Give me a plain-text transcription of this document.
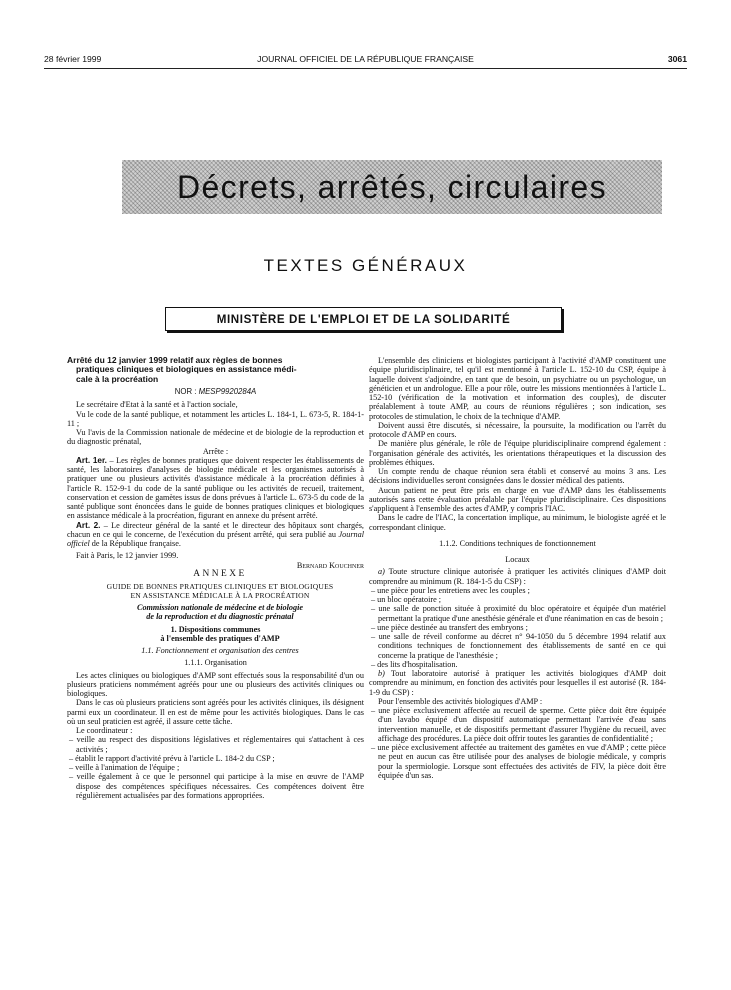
28 février 1999	JOURNAL OFFICIEL DE LA RÉPUBLIQUE FRANÇAISE	3061
Décrets, arrêtés, circulaires
TEXTES GÉNÉRAUX
MINISTÈRE DE L'EMPLOI ET DE LA SOLIDARITÉ
Arrêté du 12 janvier 1999 relatif aux règles de bonnes
pratiques cliniques et biologiques en assistance médi-
cale à la procréation
NOR : MESP9920284A

Le secrétaire d'Etat à la santé et à l'action sociale,

Vu le code de la santé publique, et notamment les articles L. 184-1, L. 673-5, R. 184-1-11 ;

Vu l'avis de la Commission nationale de médecine et de biologie de la reproduction et du diagnostic prénatal,

Arrête :

Art. 1er. – Les règles de bonnes pratiques que doivent respecter les établissements de santé, les laboratoires d'analyses de biologie médicale et les organismes autorisés à pratiquer une ou plusieurs activités d'assistance médicale à la procréation définies à l'article R. 152-9-1 du code de la santé publique ou les activités de recueil, traitement, conservation et cession de gamètes issus de dons prévues à l'article L. 673-5 du code de la santé publique sont énoncées dans le guide de bonnes pratiques cliniques et biologiques en assistance médicale à la procréation, figurant en annexe du présent arrêté.

Art. 2. – Le directeur général de la santé et le directeur des hôpitaux sont chargés, chacun en ce qui le concerne, de l'exécution du présent arrêté, qui sera publié au Journal officiel de la République française.

Fait à Paris, le 12 janvier 1999.

Bernard Kouchner

ANNEXE

GUIDE DE BONNES PRATIQUES CLINIQUES ET BIOLOGIQUES

EN ASSISTANCE MÉDICALE À LA PROCRÉATION

Commission nationale de médecine et de biologie

de la reproduction et du diagnostic prénatal

1. Dispositions communes

à l'ensemble des pratiques d'AMP

1.1. Fonctionnement et organisation des centres

1.1.1. Organisation

Les actes cliniques ou biologiques d'AMP sont effectués sous la responsabilité d'un ou plusieurs praticiens nommément agréés pour une ou plusieurs des activités cliniques ou biologiques.

Dans le cas où plusieurs praticiens sont agréés pour les activités cliniques, ils désignent parmi eux un coordinateur. Il en est de même pour les activités biologiques. Dans le cas où un seul praticien est agréé, il assure cette tâche.

Le coordinateur :

– veille au respect des dispositions législatives et réglementaires qui s'attachent à ces activités ;
– établit le rapport d'activité prévu à l'article L. 184-2 du CSP ;
– veille à l'animation de l'équipe ;
– veille également à ce que le personnel qui participe à la mise en œuvre de l'AMP dispose des compétences spécifiques nécessaires. Ces compétences doivent être régulièrement actualisées par des formations appropriées.

L'ensemble des cliniciens et biologistes participant à l'activité d'AMP constituent une équipe pluridisciplinaire, tel qu'il est mentionné à l'article L. 152-10 du CSP, équipe à laquelle doivent s'adjoindre, en tant que de besoin, un psychiatre ou un psychologue, un généticien et un andrologue. Elle a pour rôle, outre les missions mentionnées à l'article L. 152-10 (vérification de la motivation et information des couples), de discuter préalablement à toute AMP, au cours de réunions régulières ; son indication, ses protocoles de stimulation, le choix de la technique d'AMP.

Doivent aussi être discutés, si nécessaire, la poursuite, la modification ou l'arrêt du protocole d'AMP en cours.

De manière plus générale, le rôle de l'équipe pluridisciplinaire comprend également : l'organisation générale des activités, les orientations thérapeutiques et la discussion des problèmes éthiques.

Un compte rendu de chaque réunion sera établi et conservé au moins 3 ans. Les décisions individuelles seront consignées dans le dossier médical des patients.

Aucun patient ne peut être pris en charge en vue d'AMP dans les établissements autorisés sans cette évaluation préalable par l'équipe pluridisciplinaire. Ces dispositions s'appliquent à l'ensemble des actes d'AMP, y compris l'IAC.

Dans le cadre de l'IAC, la concertation implique, au minimum, le biologiste agréé et le correspondant clinique.

1.1.2. Conditions techniques de fonctionnement

Locaux

a) Toute structure clinique autorisée à pratiquer les activités cliniques d'AMP doit comprendre au minimum (R. 184-1-5 du CSP) :

– une pièce pour les entretiens avec les couples ;
– un bloc opératoire ;
– une salle de ponction située à proximité du bloc opératoire et équipée d'un matériel permettant la pratique d'une anesthésie générale et d'une réanimation en cas de besoin ;
– une pièce destinée au transfert des embryons ;
– une salle de réveil conforme au décret n° 94-1050 du 5 décembre 1994 relatif aux conditions techniques de fonctionnement des établissements de santé en ce qui concerne la pratique de l'anesthésie ;
– des lits d'hospitalisation.

b) Tout laboratoire autorisé à pratiquer les activités biologiques d'AMP doit comprendre au minimum, en fonction des activités pour lesquelles il est autorisé (R. 184-1-9 du CSP) :

Pour l'ensemble des activités biologiques d'AMP :

– une pièce exclusivement affectée au recueil de sperme. Cette pièce doit être équipée d'un lavabo équipé d'un dispositif automatique permettant l'arrivée d'eau sans intervention manuelle, et de dispositifs permettant d'assurer l'hygiène du recueil, avec affichage des procédures. La pièce doit offrir toutes les garanties de confidentialité ;
– une pièce exclusivement affectée au traitement des gamètes en vue d'AMP ; cette pièce ne peut en aucun cas être utilisée pour des analyses de biologie médicale, y compris pour la spermiologie. Lorsque sont effectuées des activités de FIV, la pièce doit être équipée d'un sas.
